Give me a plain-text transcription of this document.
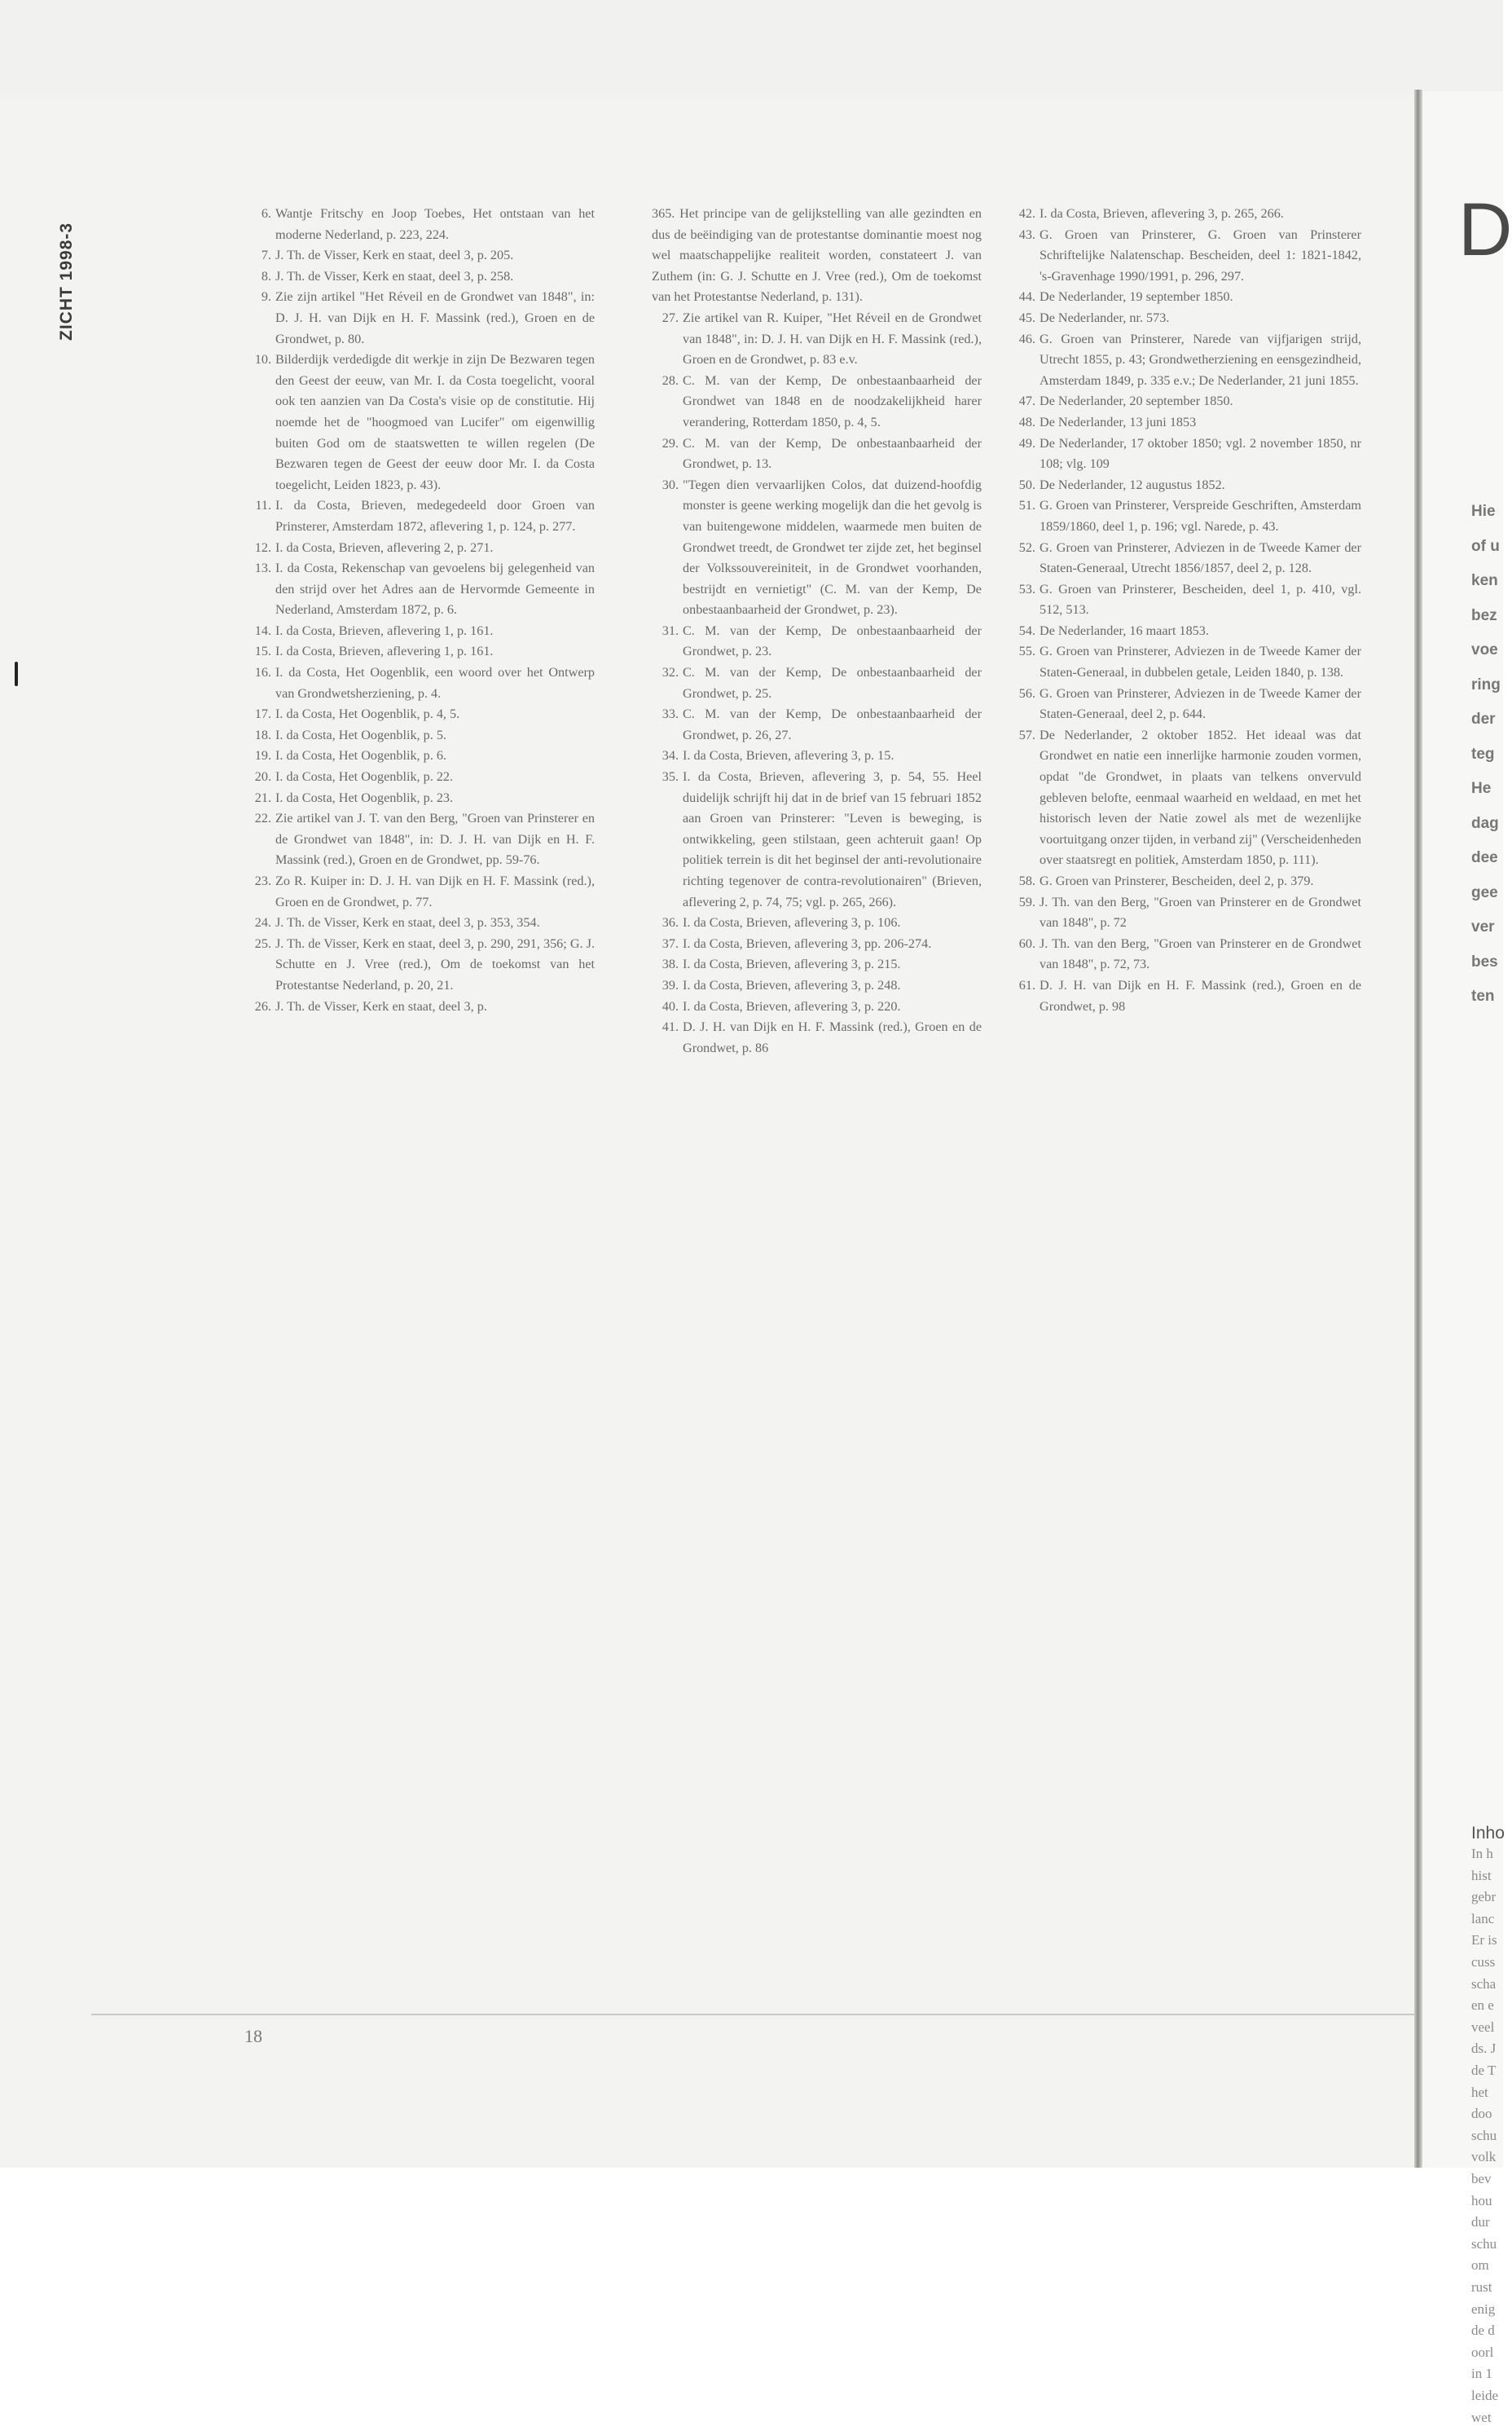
ZICHT 1998-3

6. Wantje Fritschy en Joop Toebes, Het ontstaan van het moderne Nederland, p. 223, 224.

7. J. Th. de Visser, Kerk en staat, deel 3, p. 205.

8. J. Th. de Visser, Kerk en staat, deel 3, p. 258.

9. Zie zijn artikel "Het Réveil en de Grondwet van 1848", in: D. J. H. van Dijk en H. F. Massink (red.), Groen en de Grondwet, p. 80.

10. Bilderdijk verdedigde dit werkje in zijn De Bezwaren tegen den Geest der eeuw, van Mr. I. da Costa toegelicht, vooral ook ten aanzien van Da Costa's visie op de constitutie. Hij noemde het de "hoogmoed van Lucifer" om eigenwillig buiten God om de staatswetten te willen regelen (De Bezwaren tegen de Geest der eeuw door Mr. I. da Costa toegelicht, Leiden 1823, p. 43).

11. I. da Costa, Brieven, medegedeeld door Groen van Prinsterer, Amsterdam 1872, aflevering 1, p. 124, p. 277.

12. I. da Costa, Brieven, aflevering 2, p. 271.

13. I. da Costa, Rekenschap van gevoelens bij gelegenheid van den strijd over het Adres aan de Hervormde Gemeente in Nederland, Amsterdam 1872, p. 6.

14. I. da Costa, Brieven, aflevering 1, p. 161.

15. I. da Costa, Brieven, aflevering 1, p. 161.

16. I. da Costa, Het Oogenblik, een woord over het Ontwerp van Grondwetsherziening, p. 4.

17. I. da Costa, Het Oogenblik, p. 4, 5.

18. I. da Costa, Het Oogenblik, p. 5.

19. I. da Costa, Het Oogenblik, p. 6.

20. I. da Costa, Het Oogenblik, p. 22.

21. I. da Costa, Het Oogenblik, p. 23.

22. Zie artikel van J. T. van den Berg, "Groen van Prinsterer en de Grondwet van 1848", in: D. J. H. van Dijk en H. F. Massink (red.), Groen en de Grondwet, pp. 59-76.

23. Zo R. Kuiper in: D. J. H. van Dijk en H. F. Massink (red.), Groen en de Grondwet, p. 77.

24. J. Th. de Visser, Kerk en staat, deel 3, p. 353, 354.

25. J. Th. de Visser, Kerk en staat, deel 3, p. 290, 291, 356; G. J. Schutte en J. Vree (red.), Om de toekomst van het Protestantse Nederland, p. 20, 21.

26. J. Th. de Visser, Kerk en staat, deel 3, p.

365. Het principe van de gelijkstelling van alle gezindten en dus de beëindiging van de protestantse dominantie moest nog wel maatschappelijke realiteit worden, constateert J. van Zuthem (in: G. J. Schutte en J. Vree (red.), Om de toekomst van het Protestantse Nederland, p. 131).

27. Zie artikel van R. Kuiper, "Het Réveil en de Grondwet van 1848", in: D. J. H. van Dijk en H. F. Massink (red.), Groen en de Grondwet, p. 83 e.v.

28. C. M. van der Kemp, De onbestaanbaarheid der Grondwet van 1848 en de noodzakelijkheid harer verandering, Rotterdam 1850, p. 4, 5.

29. C. M. van der Kemp, De onbestaanbaarheid der Grondwet, p. 13.

30. "Tegen dien vervaarlijken Colos, dat duizend-hoofdig monster is geene werking mogelijk dan die het gevolg is van buitengewone middelen, waarmede men buiten de Grondwet treedt, de Grondwet ter zijde zet, het beginsel der Volkssouvereiniteit, in de Grondwet voorhanden, bestrijdt en vernietigt" (C. M. van der Kemp, De onbestaanbaarheid der Grondwet, p. 23).

31. C. M. van der Kemp, De onbestaanbaarheid der Grondwet, p. 23.

32. C. M. van der Kemp, De onbestaanbaarheid der Grondwet, p. 25.

33. C. M. van der Kemp, De onbestaanbaarheid der Grondwet, p. 26, 27.

34. I. da Costa, Brieven, aflevering 3, p. 15.

35. I. da Costa, Brieven, aflevering 3, p. 54, 55. Heel duidelijk schrijft hij dat in de brief van 15 februari 1852 aan Groen van Prinsterer: "Leven is beweging, is ontwikkeling, geen stilstaan, geen achteruit gaan! Op politiek terrein is dit het beginsel der anti-revolutionaire richting tegenover de contra-revolutionairen" (Brieven, aflevering 2, p. 74, 75; vgl. p. 265, 266).

36. I. da Costa, Brieven, aflevering 3, p. 106.

37. I. da Costa, Brieven, aflevering 3, pp. 206-274.

38. I. da Costa, Brieven, aflevering 3, p. 215.

39. I. da Costa, Brieven, aflevering 3, p. 248.

40. I. da Costa, Brieven, aflevering 3, p. 220.

41. D. J. H. van Dijk en H. F. Massink (red.), Groen en de Grondwet, p. 86

42. I. da Costa, Brieven, aflevering 3, p. 265, 266.

43. G. Groen van Prinsterer, G. Groen van Prinsterer Schriftelijke Nalatenschap. Bescheiden, deel 1: 1821-1842, 's-Gravenhage 1990/1991, p. 296, 297.

44. De Nederlander, 19 september 1850.

45. De Nederlander, nr. 573.

46. G. Groen van Prinsterer, Narede van vijfjarigen strijd, Utrecht 1855, p. 43; Grondwetherziening en eensgezindheid, Amsterdam 1849, p. 335 e.v.; De Nederlander, 21 juni 1855.

47. De Nederlander, 20 september 1850.

48. De Nederlander, 13 juni 1853

49. De Nederlander, 17 oktober 1850; vgl. 2 november 1850, nr 108; vlg. 109

50. De Nederlander, 12 augustus 1852.

51. G. Groen van Prinsterer, Verspreide Geschriften, Amsterdam 1859/1860, deel 1, p. 196; vgl. Narede, p. 43.

52. G. Groen van Prinsterer, Adviezen in de Tweede Kamer der Staten-Generaal, Utrecht 1856/1857, deel 2, p. 128.

53. G. Groen van Prinsterer, Bescheiden, deel 1, p. 410, vgl. 512, 513.

54. De Nederlander, 16 maart 1853.

55. G. Groen van Prinsterer, Adviezen in de Tweede Kamer der Staten-Generaal, in dubbelen getale, Leiden 1840, p. 138.

56. G. Groen van Prinsterer, Adviezen in de Tweede Kamer der Staten-Generaal, deel 2, p. 644.

57. De Nederlander, 2 oktober 1852. Het ideaal was dat Grondwet en natie een innerlijke harmonie zouden vormen, opdat "de Grondwet, in plaats van telkens onvervuld gebleven belofte, eenmaal waarheid en weldaad, en met het historisch leven der Natie zowel als met de wezenlijke voortuitgang onzer tijden, in verband zij" (Verscheidenheden over staatsregt en politiek, Amsterdam 1850, p. 111).

58. G. Groen van Prinsterer, Bescheiden, deel 2, p. 379.

59. J. Th. van den Berg, "Groen van Prinsterer en de Grondwet van 1848", p. 72

60. J. Th. van den Berg, "Groen van Prinsterer en de Grondwet van 1848", p. 72, 73.

61. D. J. H. van Dijk en H. F. Massink (red.), Groen en de Grondwet, p. 98

18
D
Hie
of u
ken
bez
voe
ring
der
teg
He
dag
dee
gee
ver
bes
ten
Inho
In h
hist
gebr
lanc
Er is
cuss
scha
en e
veel
ds. J
de T
het
doo
schu
volk
bev
hou
dur
schu
om
rust
enig
de d
oorl
in 1
leide
wet
